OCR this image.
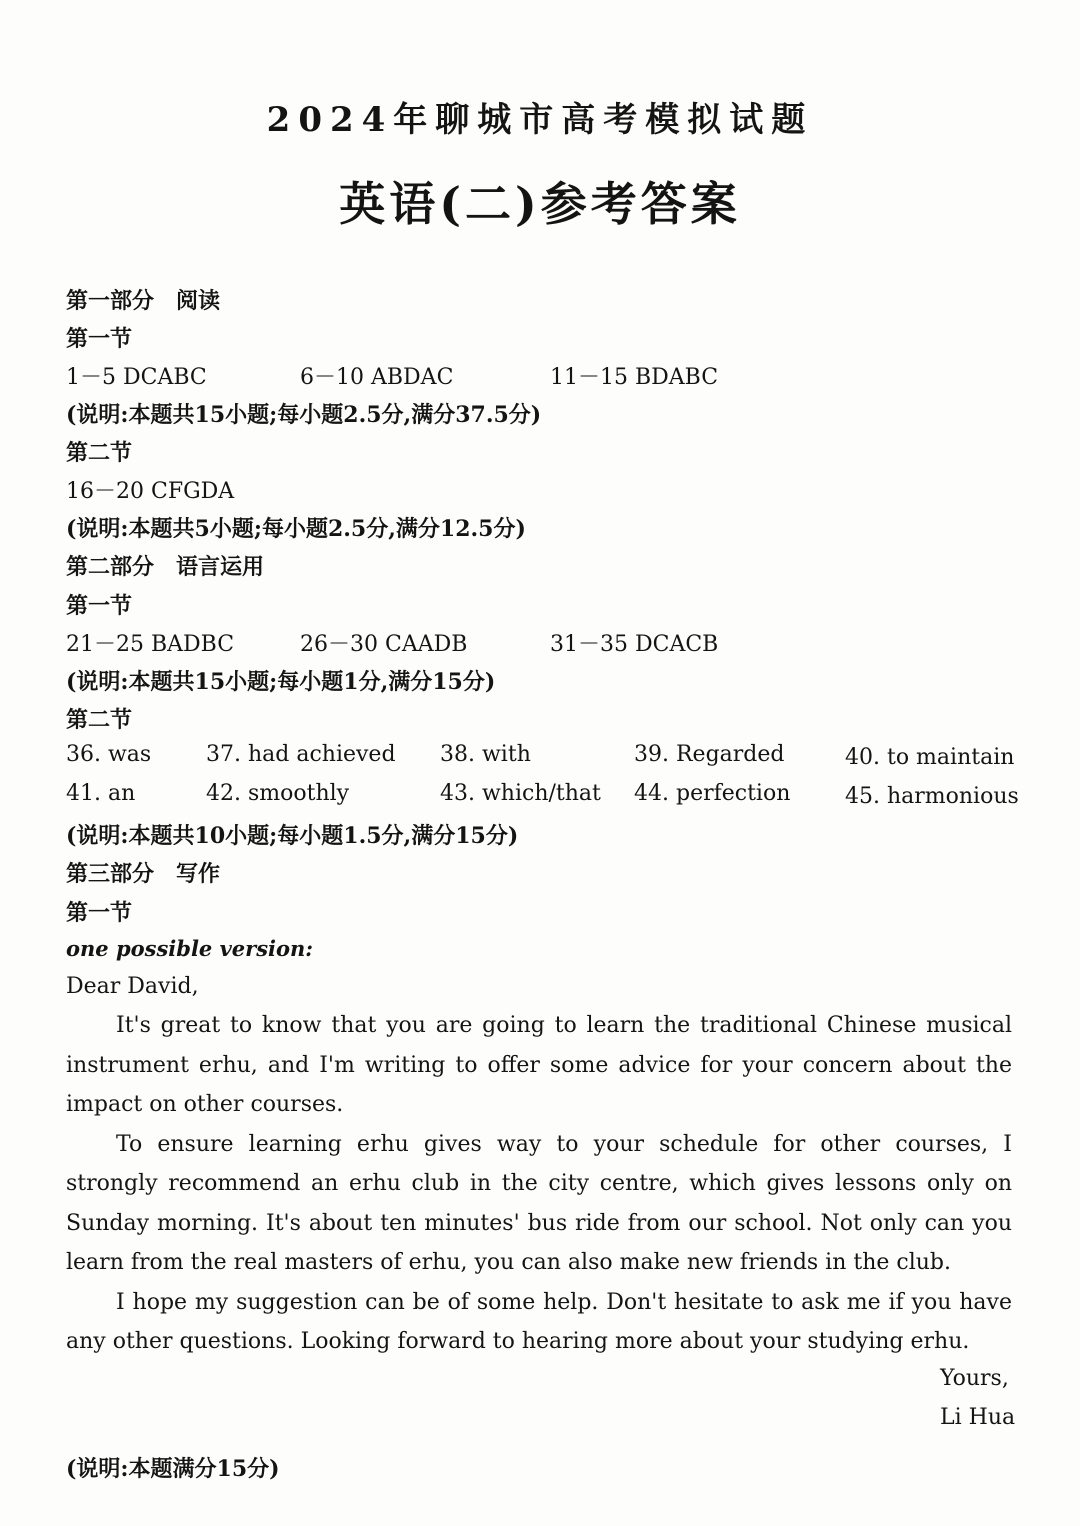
2024年聊城市高考模拟试题
英语(二)参考答案
第一部分　阅读
第一节
1－5 DCABC	6－10 ABDAC	11－15 BDABC
(说明:本题共15小题;每小题2.5分,满分37.5分)
第二节
16－20 CFGDA
(说明:本题共5小题;每小题2.5分,满分12.5分)
第二部分　语言运用
第一节
21－25 BADBC	26－30 CAADB	31－35 DCACB
(说明:本题共15小题;每小题1分,满分15分)
第二节
36. was 37. had achieved 38. with	39. Regarded	40. to maintain
41. an	42. smoothly	43. which/that 44. perfection 45. harmonious
(说明:本题共10小题;每小题1.5分,满分15分)
第三部分　写作
第一节
one possible version:
Dear David,

It's great to know that you are going to learn the traditional Chinese musical instrument erhu, and I'm writing to offer some advice for your concern about the impact on other courses.

To ensure learning erhu gives way to your schedule for other courses, I strongly recommend an erhu club in the city centre, which gives lessons only on Sunday morning. It's about ten minutes' bus ride from our school. Not only can you learn from the real masters of erhu, you can also make new friends in the club.

I hope my suggestion can be of some help. Don't hesitate to ask me if you have any other questions. Looking forward to hearing more about your studying erhu.

Yours,
Li Hua
(说明:本题满分15分)
